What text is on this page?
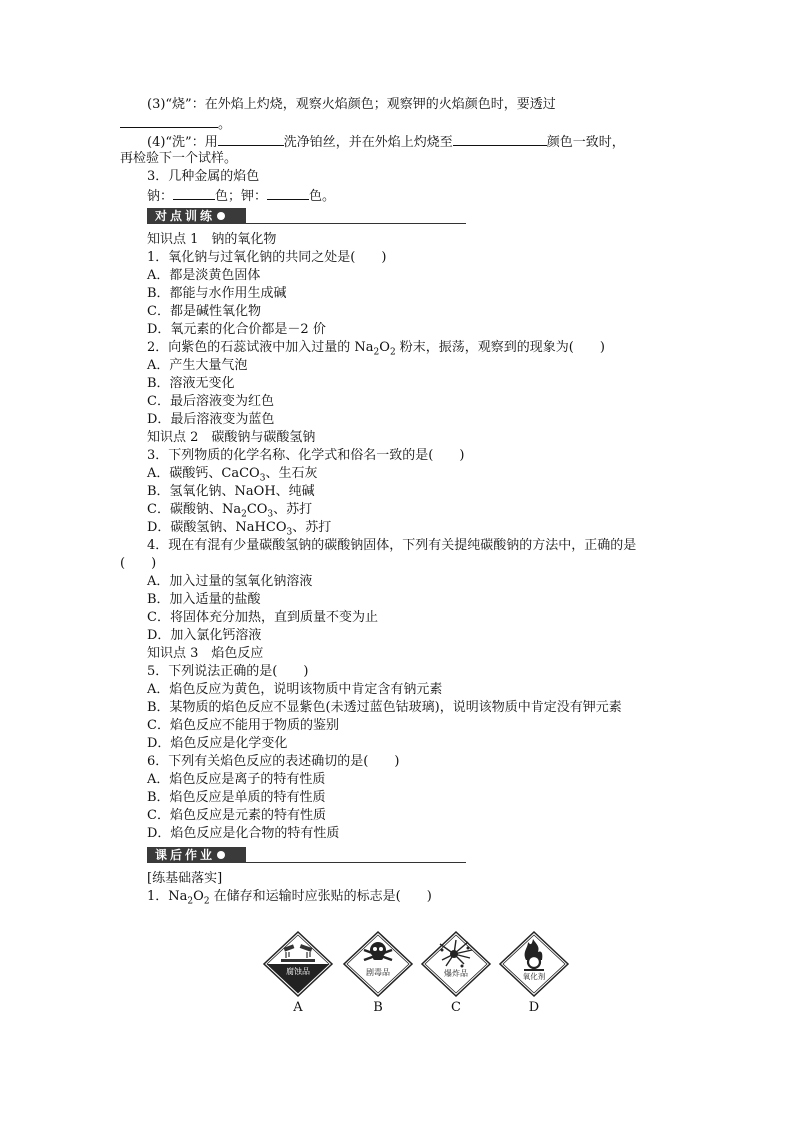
(3)“烧”：在外焰上灼烧，观察火焰颜色；观察钾的火焰颜色时，要透过
。
(4)“洗”：用	洗净铂丝，并在外焰上灼烧至	颜色一致时，
再检验下一个试样。
3．几种金属的焰色
钠：	色；钾：	色。
对点训练
知识点 1　钠的氧化物
1．氧化钠与过氧化钠的共同之处是(　　)
A．都是淡黄色固体
B．都能与水作用生成碱
C．都是碱性氧化物
D．氧元素的化合价都是－2 价
2．向紫色的石蕊试液中加入过量的 $Na_2O_2$ 粉末，振荡，观察到的现象为(　　)
A．产生大量气泡
B．溶液无变化
C．最后溶液变为红色
D．最后溶液变为蓝色
知识点 2　碳酸钠与碳酸氢钠
3．下列物质的化学名称、化学式和俗名一致的是(　　)
A．碳酸钙、CaCO$_3$、生石灰
B．氢氧化钠、NaOH、纯碱
C．碳酸钠、$Na_2CO_3$、苏打
D．碳酸氢钠、NaHCO$_3$、苏打
4．现在有混有少量碳酸氢钠的碳酸钠固体，下列有关提纯碳酸钠的方法中，正确的是
(　　)
A．加入过量的氢氧化钠溶液
B．加入适量的盐酸
C．将固体充分加热，直到质量不变为止
D．加入氯化钙溶液
知识点 3　焰色反应
5．下列说法正确的是(　　)
A．焰色反应为黄色，说明该物质中肯定含有钠元素
B．某物质的焰色反应不显紫色(未透过蓝色钴玻璃)，说明该物质中肯定没有钾元素
C．焰色反应不能用于物质的鉴别
D．焰色反应是化学变化
6．下列有关焰色反应的表述确切的是(　　)
A．焰色反应是离子的特有性质
B．焰色反应是单质的特有性质
C．焰色反应是元素的特有性质
D．焰色反应是化合物的特有性质
课后作业
[练基础落实]
1．$Na_2O_2$ 在储存和运输时应张贴的标志是(　　)
腐蚀品
A
剧毒品
B
爆炸品
C
氧化剂
D
